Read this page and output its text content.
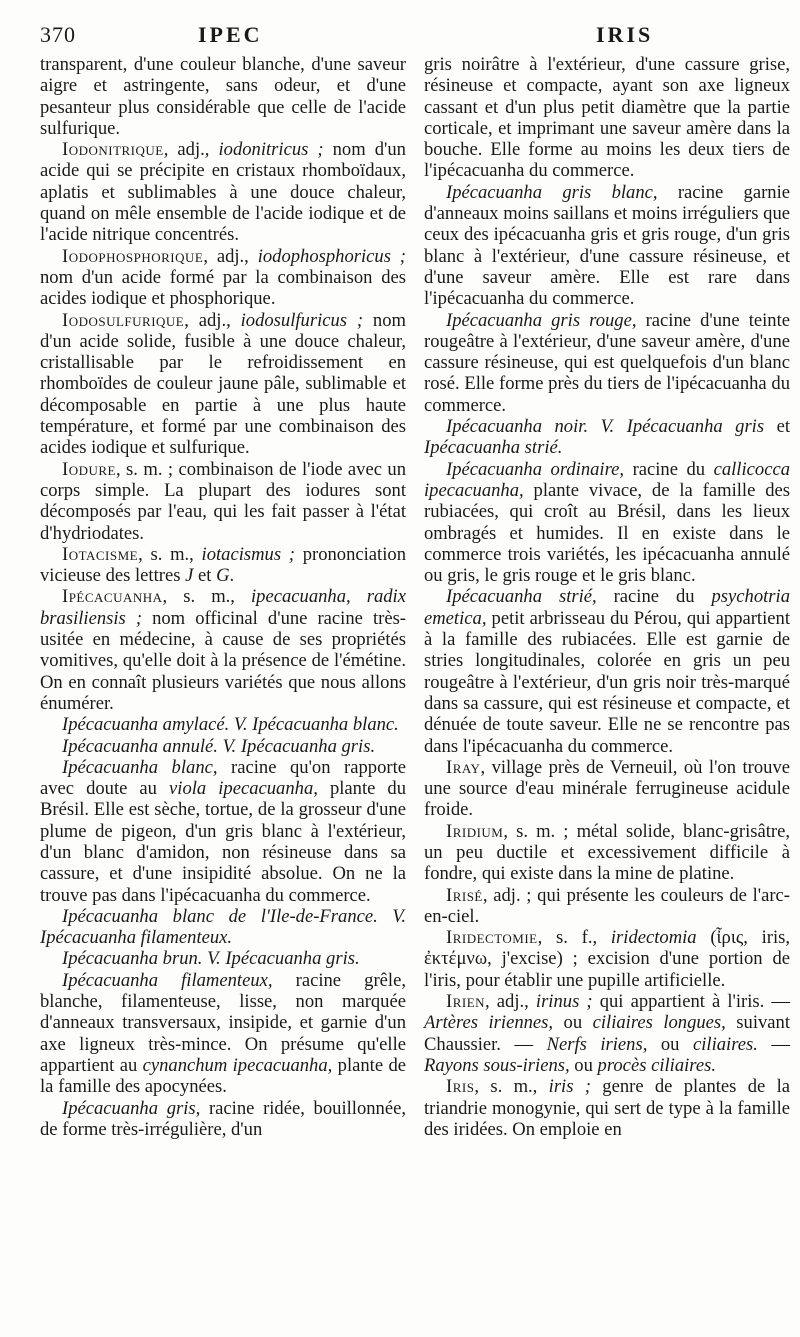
370	IPEC	IRIS

transparent, d'une couleur blanche, d'une saveur aigre et astringente, sans odeur, et d'une pesanteur plus considérable que celle de l'acide sulfurique.

Iodonitrique, adj., iodonitricus ; nom d'un acide qui se précipite en cristaux rhomboïdaux, aplatis et sublimables à une douce chaleur, quand on mêle ensemble de l'acide iodique et de l'acide nitrique concentrés.

Iodophosphorique, adj., iodophosphoricus ; nom d'un acide formé par la combinaison des acides iodique et phosphorique.

Iodosulfurique, adj., iodosulfuricus ; nom d'un acide solide, fusible à une douce chaleur, cristallisable par le refroidissement en rhomboïdes de couleur jaune pâle, sublimable et décomposable en partie à une plus haute température, et formé par une combinaison des acides iodique et sulfurique.

Iodure, s. m. ; combinaison de l'iode avec un corps simple. La plupart des iodures sont décomposés par l'eau, qui les fait passer à l'état d'hydriodates.

Iotacisme, s. m., iotacismus ; prononciation vicieuse des lettres J et G.

Ipécacuanha, s. m., ipecacuanha, radix brasiliensis ; nom officinal d'une racine très-usitée en médecine, à cause de ses propriétés vomitives, qu'elle doit à la présence de l'émétine. On en connaît plusieurs variétés que nous allons énumérer.

Ipécacuanha amylacé. V. Ipécacuanha blanc.

Ipécacuanha annulé. V. Ipécacuanha gris.

Ipécacuanha blanc, racine qu'on rapporte avec doute au viola ipecacuanha, plante du Brésil. Elle est sèche, tortue, de la grosseur d'une plume de pigeon, d'un gris blanc à l'extérieur, d'un blanc d'amidon, non résineuse dans sa cassure, et d'une insipidité absolue. On ne la trouve pas dans l'ipécacuanha du commerce.

Ipécacuanha blanc de l'Ile-de-France. V. Ipécacuanha filamenteux.

Ipécacuanha brun. V. Ipécacuanha gris.

Ipécacuanha filamenteux, racine grêle, blanche, filamenteuse, lisse, non marquée d'anneaux transversaux, insipide, et garnie d'un axe ligneux très-mince. On présume qu'elle appartient au cynanchum ipecacuanha, plante de la famille des apocynées.

Ipécacuanha gris, racine ridée, bouillonnée, de forme très-irrégulière, d'un

gris noirâtre à l'extérieur, d'une cassure grise, résineuse et compacte, ayant son axe ligneux cassant et d'un plus petit diamètre que la partie corticale, et imprimant une saveur amère dans la bouche. Elle forme au moins les deux tiers de l'ipécacuanha du commerce.

Ipécacuanha gris blanc, racine garnie d'anneaux moins saillans et moins irréguliers que ceux des ipécacuanha gris et gris rouge, d'un gris blanc à l'extérieur, d'une cassure résineuse, et d'une saveur amère. Elle est rare dans l'ipécacuanha du commerce.

Ipécacuanha gris rouge, racine d'une teinte rougeâtre à l'extérieur, d'une saveur amère, d'une cassure résineuse, qui est quelquefois d'un blanc rosé. Elle forme près du tiers de l'ipécacuanha du commerce.

Ipécacuanha noir. V. Ipécacuanha gris et Ipécacuanha strié.

Ipécacuanha ordinaire, racine du callicocca ipecacuanha, plante vivace, de la famille des rubiacées, qui croît au Brésil, dans les lieux ombragés et humides. Il en existe dans le commerce trois variétés, les ipécacuanha annulé ou gris, le gris rouge et le gris blanc.

Ipécacuanha strié, racine du psychotria emetica, petit arbrisseau du Pérou, qui appartient à la famille des rubiacées. Elle est garnie de stries longitudinales, colorée en gris un peu rougeâtre à l'extérieur, d'un gris noir très-marqué dans sa cassure, qui est résineuse et compacte, et dénuée de toute saveur. Elle ne se rencontre pas dans l'ipécacuanha du commerce.

Iray, village près de Verneuil, où l'on trouve une source d'eau minérale ferrugineuse acidule froide.

Iridium, s. m. ; métal solide, blanc-grisâtre, un peu ductile et excessivement difficile à fondre, qui existe dans la mine de platine.

Irisé, adj. ; qui présente les couleurs de l'arc-en-ciel.

Iridectomie, s. f., iridectomia (ἶρις, iris, ἐκτέμνω, j'excise) ; excision d'une portion de l'iris, pour établir une pupille artificielle.

Irien, adj., irinus ; qui appartient à l'iris. — Artères iriennes, ou ciliaires longues, suivant Chaussier. — Nerfs iriens, ou ciliaires. — Rayons sous-iriens, ou procès ciliaires.

Iris, s. m., iris ; genre de plantes de la triandrie monogynie, qui sert de type à la famille des iridées. On emploie en
